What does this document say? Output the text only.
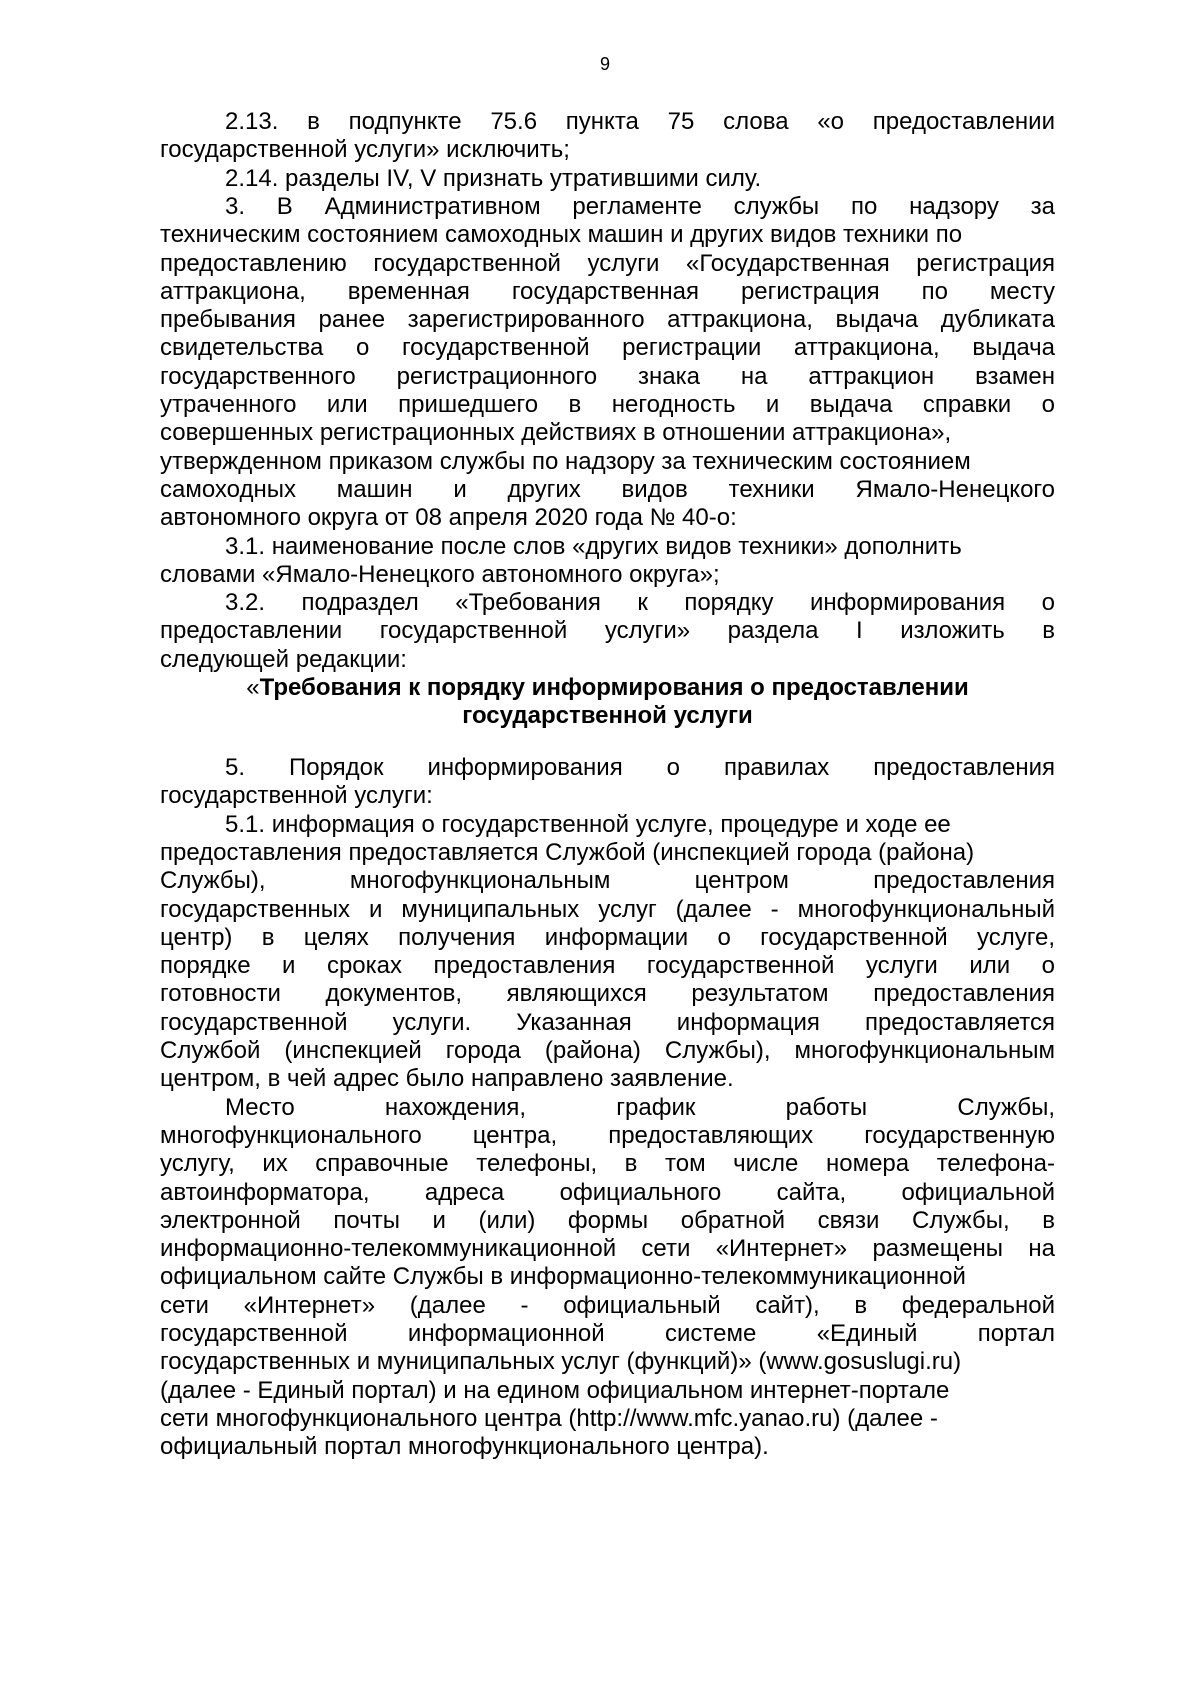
9
«Требования к порядку информирования о предоставлении
государственной услуги
2.13. в подпункте 75.6 пункта 75 слова «о предоставлении
государственной услуги» исключить;
2.14. разделы IV, V признать утратившими силу.
3. В Административном регламенте службы по надзору за
техническим состоянием самоходных машин и других видов техники по
предоставлению государственной услуги «Государственная регистрация
аттракциона, временная государственная регистрация по месту
пребывания ранее зарегистрированного аттракциона, выдача дубликата
свидетельства о государственной регистрации аттракциона, выдача
государственного регистрационного знака на аттракцион взамен
утраченного или пришедшего в негодность и выдача справки о
совершенных регистрационных действиях в отношении аттракциона»,
утвержденном приказом службы по надзору за техническим состоянием
самоходных машин и других видов техники Ямало-Ненецкого
автономного округа от 08 апреля 2020 года № 40-о:
3.1. наименование после слов «других видов техники» дополнить
словами «Ямало-Ненецкого автономного округа»;
3.2. подраздел «Требования к порядку информирования о
предоставлении государственной услуги» раздела I изложить в
следующей редакции:
5. Порядок информирования о правилах предоставления
государственной услуги:
5.1. информация о государственной услуге, процедуре и ходе ее
предоставления предоставляется Службой (инспекцией города (района)
Службы), многофункциональным центром предоставления
государственных и муниципальных услуг (далее - многофункциональный
центр) в целях получения информации о государственной услуге,
порядке и сроках предоставления государственной услуги или о
готовности документов, являющихся результатом предоставления
государственной услуги. Указанная информация предоставляется
Службой (инспекцией города (района) Службы), многофункциональным
центром, в чей адрес было направлено заявление.
Место нахождения, график работы Службы,
многофункционального центра, предоставляющих государственную
услугу, их справочные телефоны, в том числе номера телефона-
автоинформатора, адреса официального сайта, официальной
электронной почты и (или) формы обратной связи Службы, в
информационно-телекоммуникационной сети «Интернет» размещены на
официальном сайте Службы в информационно-телекоммуникационной
сети «Интернет» (далее - официальный сайт), в федеральной
государственной информационной системе «Единый портал
государственных и муниципальных услуг (функций)» (www.gosuslugi.ru)
(далее - Единый портал) и на едином официальном интернет-портале
сети многофункционального центра (http://www.mfc.yanao.ru) (далее -
официальный портал многофункционального центра).
